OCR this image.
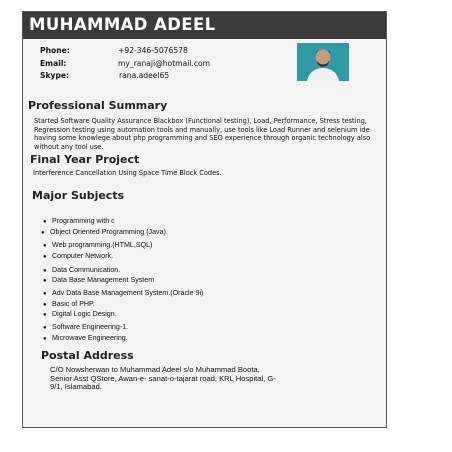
MUHAMMAD ADEEL
Phone:	+92-346-5076578
Email:	my_ranaji@hotmail.com
Skype:	rana.adeel65
Professional Summary
Started Software Quality Assurance Blackbox (Functional testing), Load, Performance, Stress testing, Regression testing using automation tools and manually, use tools like Load Runner and selenium ide having some knowlege about php programming and SEO experience through organic technology also without any tool use.
Final Year Project
Interference Cancellation Using Space Time Block Codes.
Major Subjects
● Programming with c
● Object Oriented Programming (Java).
● Web programming.(HTML,SQL)
● Computer Network.
● Data Communication.
● Data Base Management System
● Adv Data Base Management System.(Oracle 9i)
● Basic of PHP.
● Digital Logic Design.
● Software Engineering-1.
● Microwave Engineering.
Postal Address
C/O Nowsherwan to Muhammad Adeel s/o Muhammad Boota, Senior Asst QStore, Awan-e- sanat-o-tajarat road, KRL Hospital, G-9/1, Islamabad.
